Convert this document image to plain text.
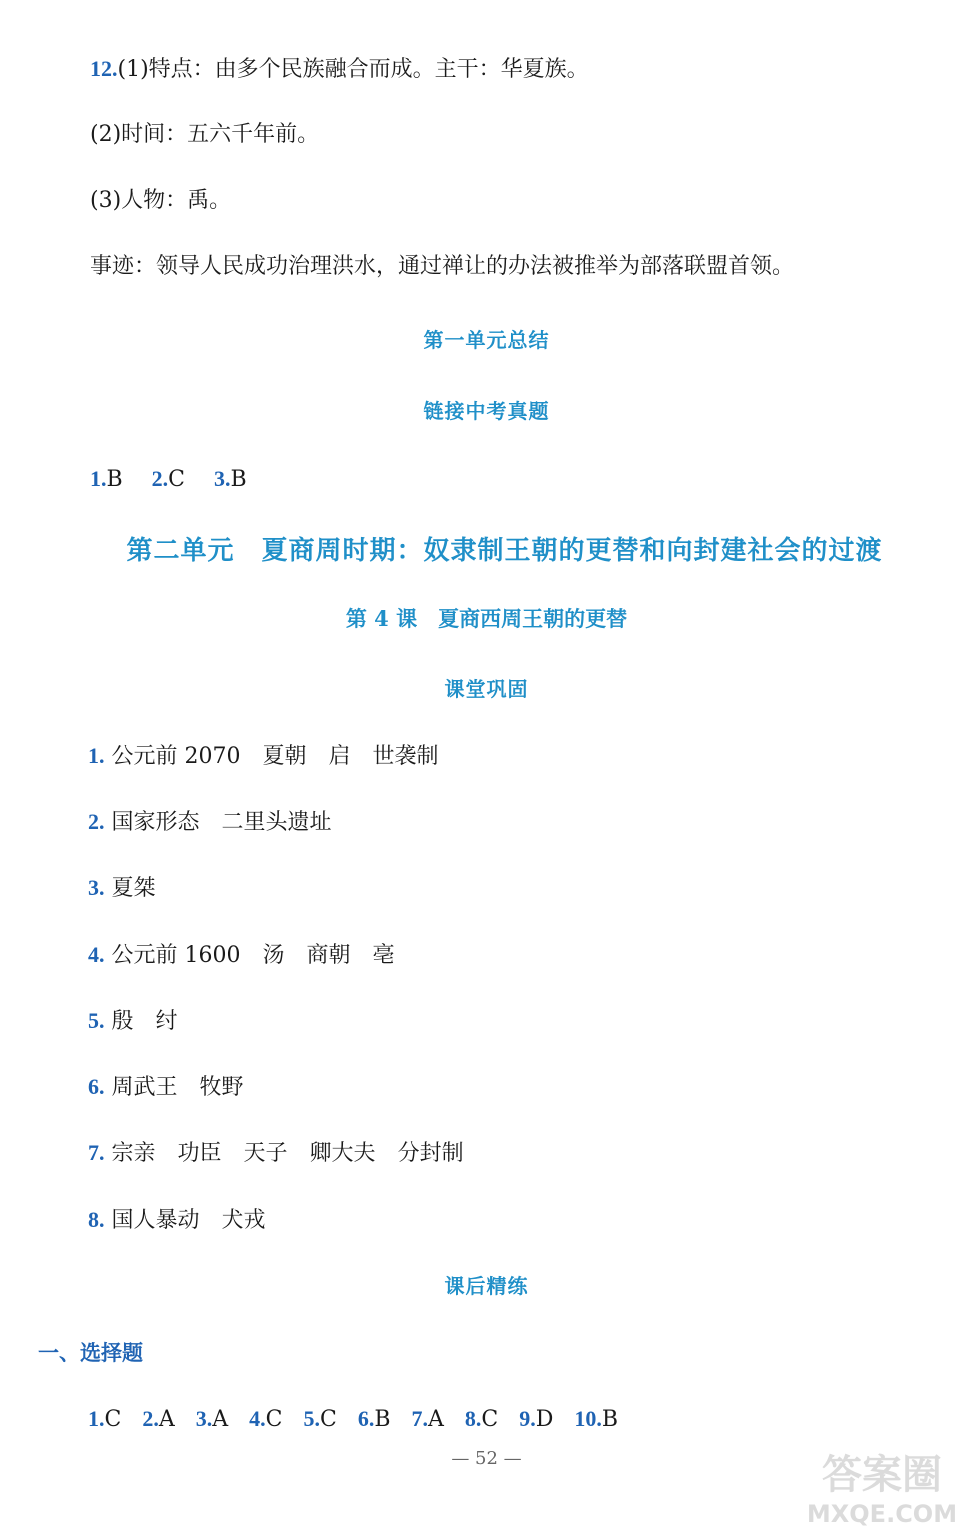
12.(1)特点：由多个民族融合而成。主干：华夏族。
(2)时间：五六千年前。
(3)人物：禹。
事迹：领导人民成功治理洪水，通过禅让的办法被推举为部落联盟首领。
第一单元总结
链接中考真题
1.B 2.C 3.B
第二单元　夏商周时期：奴隶制王朝的更替和向封建社会的过渡
第 4 课　夏商西周王朝的更替
课堂巩固
1. 公元前 2070 夏朝 启 世袭制
2. 国家形态 二里头遗址
3. 夏桀
4. 公元前 1600 汤 商朝 亳
5. 殷 纣
6. 周武王 牧野
7. 宗亲 功臣 天子 卿大夫 分封制
8. 国人暴动 犬戎
课后精练
一、选择题
1.C 2.A 3.A 4.C 5.C 6.B 7.A 8.C 9.D 10.B
— 52 —	答案圈
MXQE.COM
